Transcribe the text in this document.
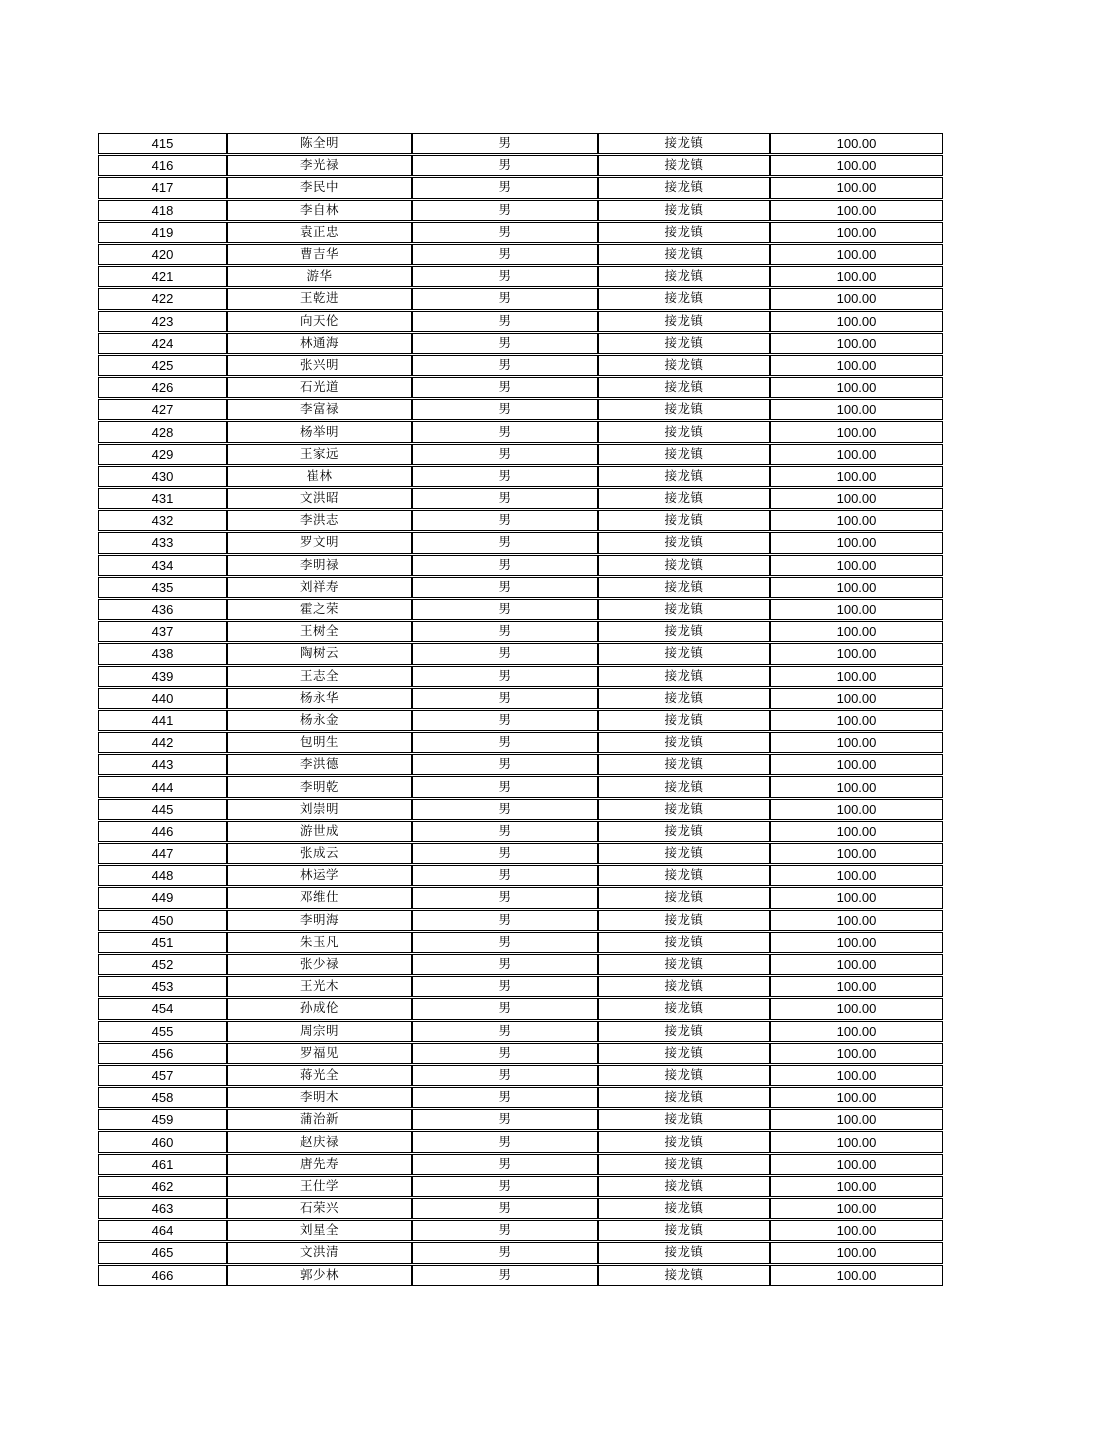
415	陈全明	男	接龙镇	100.00
416	李光禄	男	接龙镇	100.00
417	李民中	男	接龙镇	100.00
418	李自林	男	接龙镇	100.00
419	袁正忠	男	接龙镇	100.00
420	曹吉华	男	接龙镇	100.00
421	游华	男	接龙镇	100.00
422	王乾进	男	接龙镇	100.00
423	向天伦	男	接龙镇	100.00
424	林通海	男	接龙镇	100.00
425	张兴明	男	接龙镇	100.00
426	石光道	男	接龙镇	100.00
427	李富禄	男	接龙镇	100.00
428	杨举明	男	接龙镇	100.00
429	王家远	男	接龙镇	100.00
430	崔林	男	接龙镇	100.00
431	文洪昭	男	接龙镇	100.00
432	李洪志	男	接龙镇	100.00
433	罗文明	男	接龙镇	100.00
434	李明禄	男	接龙镇	100.00
435	刘祥寿	男	接龙镇	100.00
436	霍之荣	男	接龙镇	100.00
437	王树全	男	接龙镇	100.00
438	陶树云	男	接龙镇	100.00
439	王志全	男	接龙镇	100.00
440	杨永华	男	接龙镇	100.00
441	杨永金	男	接龙镇	100.00
442	包明生	男	接龙镇	100.00
443	李洪德	男	接龙镇	100.00
444	李明乾	男	接龙镇	100.00
445	刘崇明	男	接龙镇	100.00
446	游世成	男	接龙镇	100.00
447	张成云	男	接龙镇	100.00
448	林运学	男	接龙镇	100.00
449	邓维仕	男	接龙镇	100.00
450	李明海	男	接龙镇	100.00
451	朱玉凡	男	接龙镇	100.00
452	张少禄	男	接龙镇	100.00
453	王光木	男	接龙镇	100.00
454	孙成伦	男	接龙镇	100.00
455	周宗明	男	接龙镇	100.00
456	罗福见	男	接龙镇	100.00
457	蒋光全	男	接龙镇	100.00
458	李明木	男	接龙镇	100.00
459	蒲治新	男	接龙镇	100.00
460	赵庆禄	男	接龙镇	100.00
461	唐先寿	男	接龙镇	100.00
462	王仕学	男	接龙镇	100.00
463	石荣兴	男	接龙镇	100.00
464	刘星全	男	接龙镇	100.00
465	文洪清	男	接龙镇	100.00
466	郭少林	男	接龙镇	100.00
